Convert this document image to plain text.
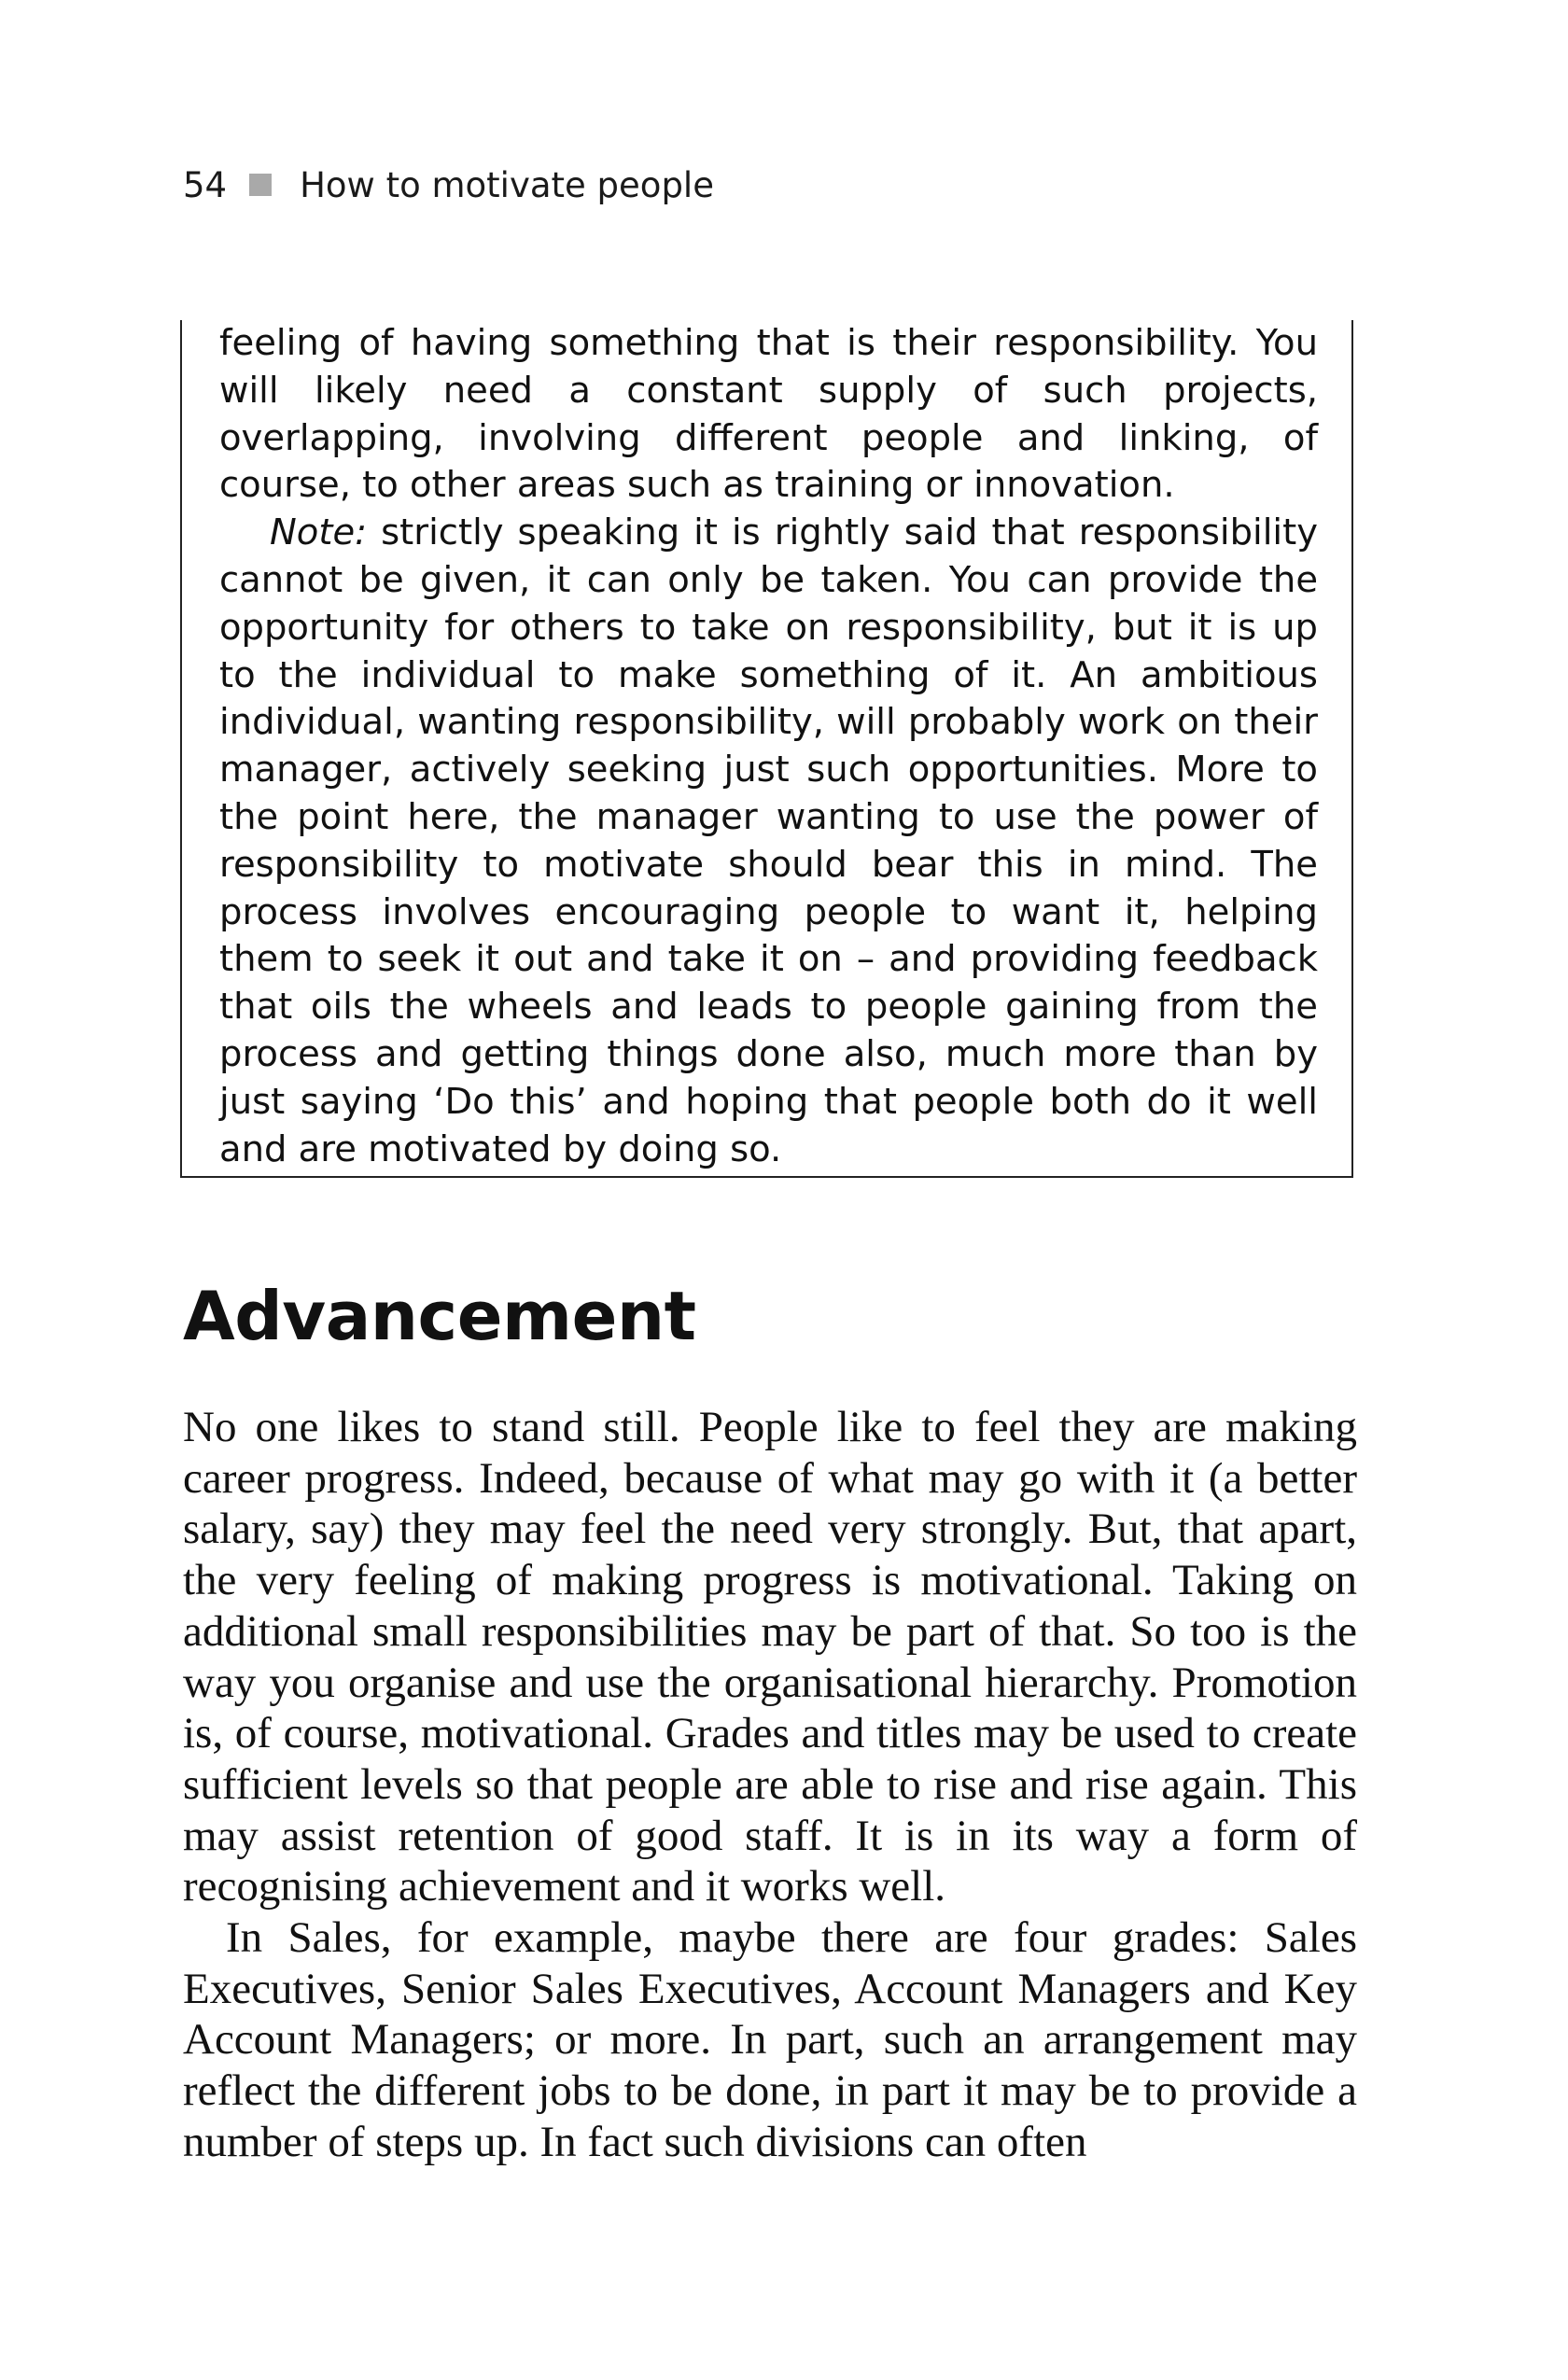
54 How to motivate people

feeling of having something that is their responsibility. You will likely need a constant supply of such projects, overlapping, involving different people and linking, of course, to other areas such as training or innovation.

Note: strictly speaking it is rightly said that responsibility cannot be given, it can only be taken. You can provide the opportunity for others to take on responsibility, but it is up to the individual to make something of it. An ambitious individual, wanting responsibility, will probably work on their manager, actively seeking just such opportunities. More to the point here, the manager wanting to use the power of responsibility to motivate should bear this in mind. The process involves encouraging people to want it, helping them to seek it out and take it on – and providing feedback that oils the wheels and leads to people gaining from the process and getting things done also, much more than by just saying ‘Do this’ and hoping that people both do it well and are motivated by doing so.

Advancement

No one likes to stand still. People like to feel they are making career progress. Indeed, because of what may go with it (a better salary, say) they may feel the need very strongly. But, that apart, the very feeling of making progress is motivational. Taking on additional small responsibilities may be part of that. So too is the way you organise and use the organisational hierarchy. Promotion is, of course, motivational. Grades and titles may be used to create sufficient levels so that people are able to rise and rise again. This may assist retention of good staff. It is in its way a form of recognising achievement and it works well.

In Sales, for example, maybe there are four grades: Sales Executives, Senior Sales Executives, Account Managers and Key Account Managers; or more. In part, such an arrangement may reflect the different jobs to be done, in part it may be to provide a number of steps up. In fact such divisions can often
